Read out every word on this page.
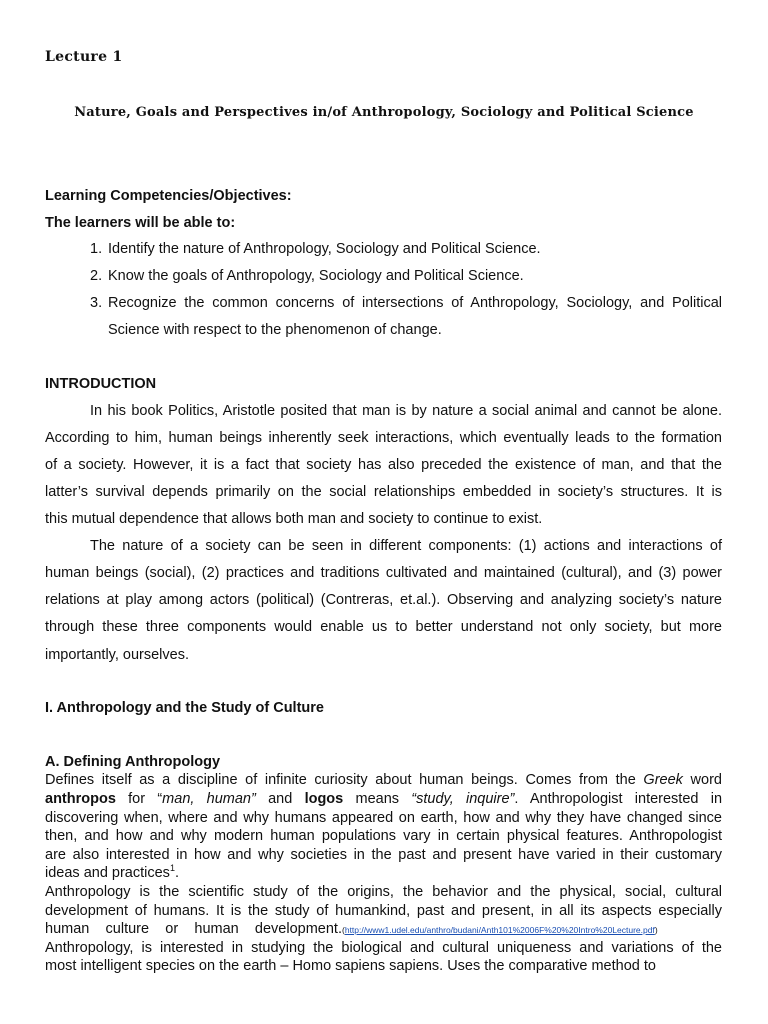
Lecture 1
Nature, Goals and Perspectives in/of Anthropology, Sociology and Political Science
Learning Competencies/Objectives:
The learners will be able to:
1. Identify the nature of Anthropology, Sociology and Political Science.
2. Know the goals of Anthropology, Sociology and Political Science.
3. Recognize the common concerns of intersections of Anthropology, Sociology, and Political
Science with respect to the phenomenon of change.
INTRODUCTION
In his book Politics, Aristotle posited that man is by nature a social animal and cannot be alone.
According to him, human beings inherently seek interactions, which eventually leads to the formation
of a society. However, it is a fact that society has also preceded the existence of man, and that the
latter’s survival depends primarily on the social relationships embedded in society’s structures. It is
this mutual dependence that allows both man and society to continue to exist.
The nature of a society can be seen in different components: (1) actions and interactions of
human beings (social), (2) practices and traditions cultivated and maintained (cultural), and (3) power
relations at play among actors (political) (Contreras, et.al.). Observing and analyzing society’s nature
through these three components would enable us to better understand not only society, but more
importantly, ourselves.
I. Anthropology and the Study of Culture
A. Defining Anthropology
Defines itself as a discipline of infinite curiosity about human beings. Comes from the Greek word
anthropos for “man, human” and logos means “study, inquire”. Anthropologist interested in
discovering when, where and why humans appeared on earth, how and why they have changed since
then, and how and why modern human populations vary in certain physical features. Anthropologist
are also interested in how and why societies in the past and present have varied in their customary
ideas and practices$^1$.
Anthropology is the scientific study of the origins, the behavior and the physical, social, cultural
development of humans. It is the study of humankind, past and present, in all its aspects especially
human culture or human development.(http://www1.udel.edu/anthro/budani/Anth101%2006F%20%20Intro%20Lecture.pdf)
Anthropology, is interested in studying the biological and cultural uniqueness and variations of the
most intelligent species on the earth – Homo sapiens sapiens. Uses the comparative method to
